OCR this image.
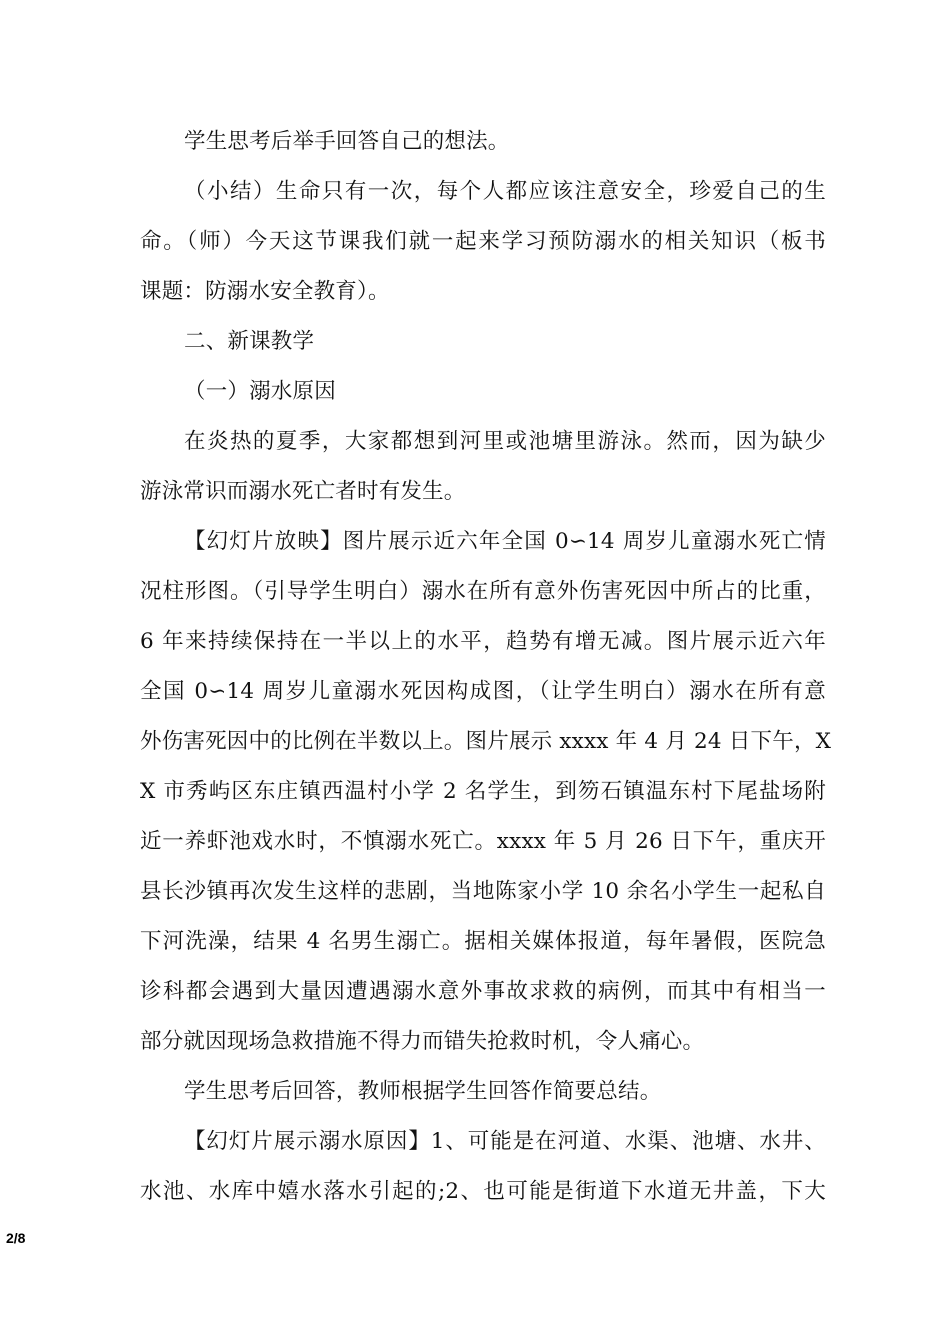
学生思考后举手回答自己的想法。
（小结）生命只有一次，每个人都应该注意安全，珍爱自己的生
命。（师）今天这节课我们就一起来学习预防溺水的相关知识（板书
课题：防溺水安全教育）。
二、新课教学
（一）溺水原因
在炎热的夏季，大家都想到河里或池塘里游泳。然而，因为缺少
游泳常识而溺水死亡者时有发生。
【幻灯片放映】图片展示近六年全国 0∽14 周岁儿童溺水死亡情
况柱形图。（引导学生明白）溺水在所有意外伤害死因中所占的比重，
6 年来持续保持在一半以上的水平，趋势有增无减。图片展示近六年
全国 0∽14 周岁儿童溺水死因构成图，（让学生明白）溺水在所有意
外伤害死因中的比例在半数以上。图片展示 xxxx 年 4 月 24 日下午，X
X 市秀屿区东庄镇西温村小学 2 名学生，到笏石镇温东村下尾盐场附
近一养虾池戏水时，不慎溺水死亡。xxxx 年 5 月 26 日下午，重庆开
县长沙镇再次发生这样的悲剧，当地陈家小学 10 余名小学生一起私自
下河洗澡，结果 4 名男生溺亡。据相关媒体报道，每年暑假，医院急
诊科都会遇到大量因遭遇溺水意外事故求救的病例，而其中有相当一
部分就因现场急救措施不得力而错失抢救时机，令人痛心。
学生思考后回答，教师根据学生回答作简要总结。
【幻灯片展示溺水原因】1、可能是在河道、水渠、池塘、水井、
水池、水库中嬉水落水引起的;2、也可能是街道下水道无井盖，下大
2/8
